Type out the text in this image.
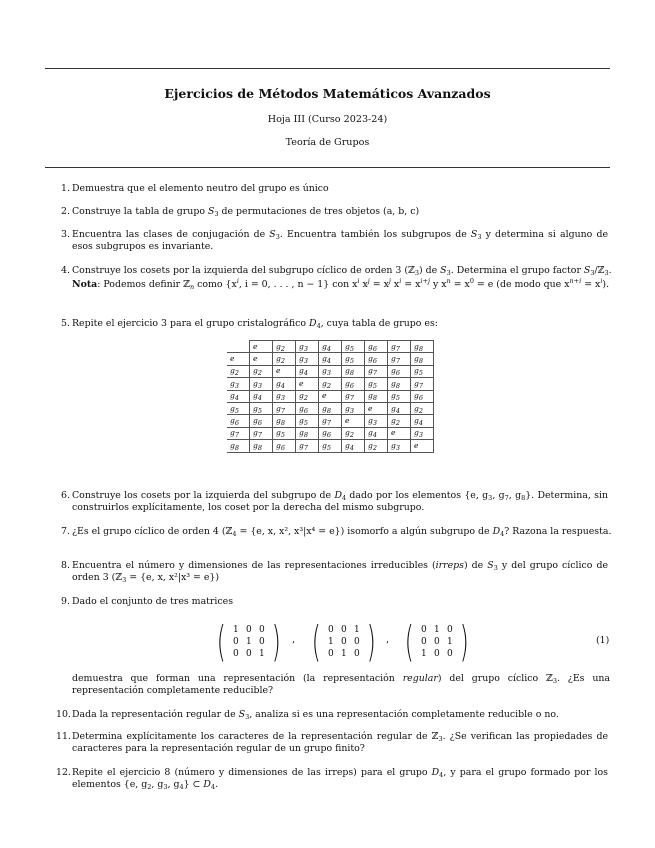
Ejercicios de Métodos Matemáticos Avanzados
Hoja III (Curso 2023-24)
Teoría de Grupos
1. Demuestra que el elemento neutro del grupo es único
2. Construye la tabla de grupo $S_3$ de permutaciones de tres objetos (a, b, c)
3. Encuentra las clases de conjugación de $S_3$. Encuentra también los subgrupos de $S_3$ y determina si alguno de esos subgrupos es invariante.
4. Construye los cosets por la izquierda del subgrupo cíclico de orden 3 (ℤ$_3$) de $S_3$. Determina el grupo factor $S_3/ℤ_3$.
Nota: Podemos definir ℤ$_n$ como {$x^i$, i = 0, . . . , n − 1} con $x^i$ $x^j = x^j$ $x^i = x^{i+j}$ y $x^n = x^0 = e$ (de modo que $x^{n+i} = x^i$).
5. Repite el ejercicio 3 para el grupo cristalográfico $D_4$, cuya tabla de grupo es:
	e	$g_2$	$g_3$	$g_4$	$g_5$	$g_6$	$g_7$	$g_8$
e	e	$g_2$	$g_3$	$g_4$	$g_5$	$g_6$	$g_7$	$g_8$
$g_2$	$g_2$	e	$g_4$	$g_3$	$g_8$	$g_7$	$g_6$	$g_5$
$g_3$	$g_3$	$g_4$	e	$g_2$	$g_6$	$g_5$	$g_8$	$g_7$
$g_4$	$g_4$	$g_3$	$g_2$	e	$g_7$	$g_8$	$g_5$	$g_6$
$g_5$	$g_5$	$g_7$	$g_6$	$g_8$	$g_3$	e	$g_4$	$g_2$
$g_6$	$g_6$	$g_8$	$g_5$	$g_7$	e	$g_3$	$g_2$	$g_4$
$g_7$	$g_7$	$g_5$	$g_8$	$g_6$	$g_2$	$g_4$	e	$g_3$
$g_8$	$g_8$	$g_6$	$g_7$	$g_5$	$g_4$	$g_2$	$g_3$	e
6. Construye los cosets por la izquierda del subgrupo de $D_4$ dado por los elementos {e, $g_3$, $g_7$, $g_8$}. Determina, sin construirlos explícitamente, los coset por la derecha del mismo subgrupo.
7. ¿Es el grupo cíclico de orden 4 (ℤ$_4$ = {e, x, x², x³|x⁴ = e}) isomorfo a algún subgrupo de $D_4$? Razona la respuesta.
8. Encuentra el número y dimensiones de las representaciones irreducibles (irreps) de $S_3$ y del grupo cíclico de orden 3 (ℤ$_3$ = {e, x, x²|x³ = e})
9. Dado el conjunto de tres matrices
( 1 0 0
0 1 0
0 0 1 ) , ( 0 0 1
1 0 0
0 1 0 ) , ( 0 1 0
0 0 1
1 0 0 )	(1)
demuestra que forman una representación (la representación regular) del grupo cíclico ℤ$_3$. ¿Es una representación completamente reducible?
10. Dada la representación regular de $S_3$, analiza si es una representación completamente reducible o no.
11. Determina explícitamente los caracteres de la representación regular de ℤ$_3$. ¿Se verifican las propiedades de caracteres para la representación regular de un grupo finito?
12. Repite el ejercicio 8 (número y dimensiones de las irreps) para el grupo $D_4$, y para el grupo formado por los elementos {e, $g_2$, $g_3$, $g_4$} ⊂ $D_4$.
